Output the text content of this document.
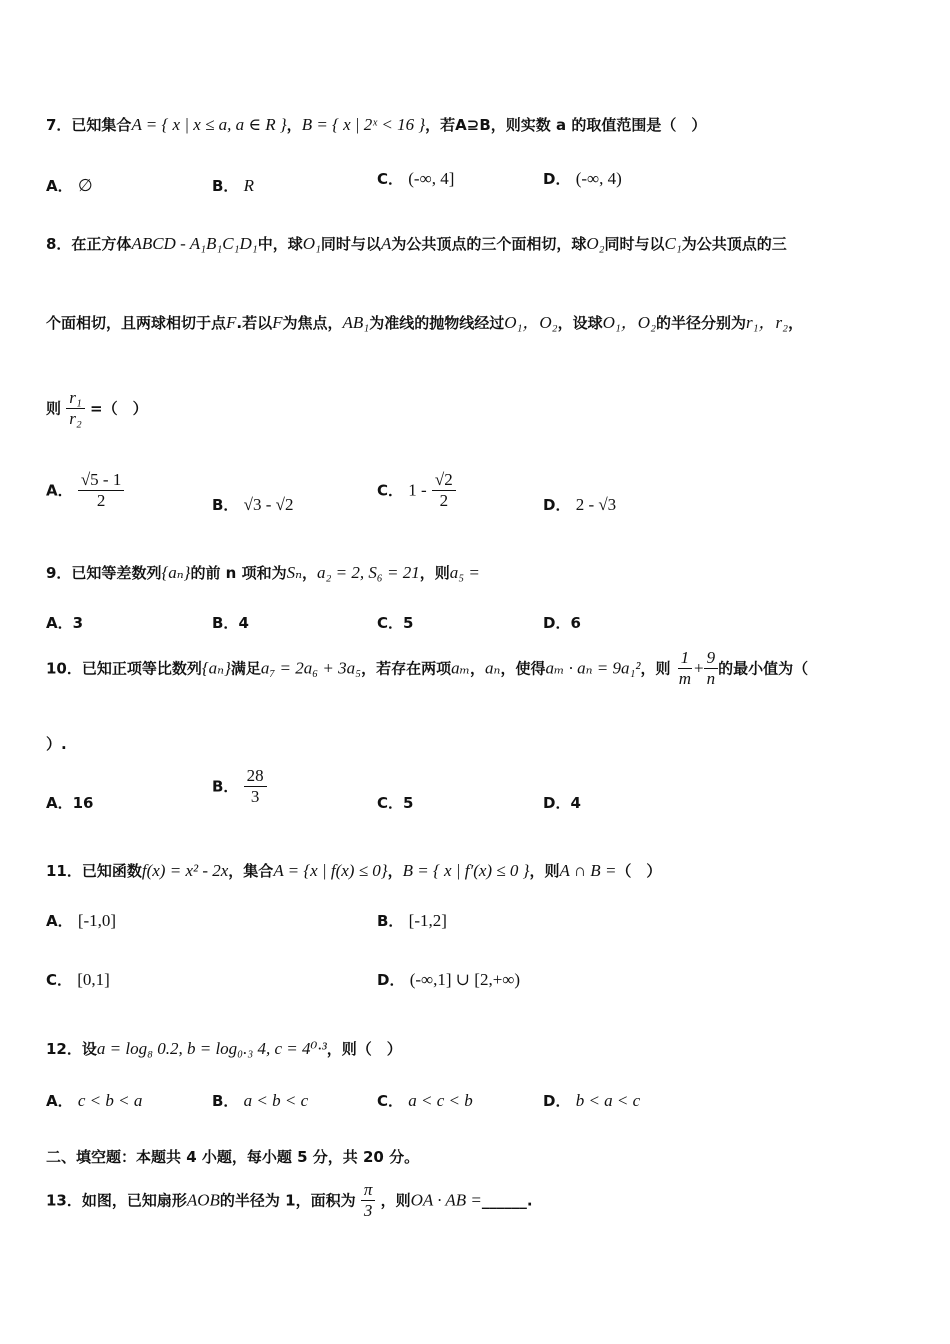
7．已知集合A = { x | x ≤ a, a ∈ R }，B = { x | 2ˣ < 16 }，若A⊇B，则实数 a 的取值范围是（　）
A． ∅	B． R	C． (-∞, 4]	D． (-∞, 4)
8．在正方体ABCD - A₁B₁C₁D₁中，球O₁同时与以A为公共顶点的三个面相切，球O₂同时与以C₁为公共顶点的三
个面相切，且两球相切于点F.若以F为焦点，AB₁为准线的抛物线经过O₁，O₂，设球O₁，O₂的半径分别为r₁，r₂，
则 $\frac{\text{r₁}}{\text{r₂}}$ =（　）
A． $\frac{√5 - 1}{2}$	B． √3 - √2
C． $1 - \frac{√2}{2}$	D． 2 - √3
9．已知等差数列{aₙ}的前 n 项和为Sₙ，a₂ = 2, S₆ = 21，则a₅ =
A．3	B．4	C．5	D．6
10．已知正项等比数列{aₙ}满足a₇ = 2a₆ + 3a₅，若存在两项aₘ，aₙ，使得aₘ · aₙ = 9a₁²，则 $\frac{1}{m} + \frac{9}{n}$ 的最小值为（
）.
A．16
B． $\frac{28}{3}$	C．5	D．4
11．已知函数f(x) = x² - 2x，集合A = {x | f(x) ≤ 0}，B = { x | f′(x) ≤ 0 }，则A ∩ B =（　）
A． [-1,0]	B． [-1,2]
C． [0,1]	D． (-∞,1] ∪ [2,+∞)
12．设a = log₈ 0.2, b = log₀.₃ 4, c = 4⁰·³，则（　）
A． c < b < a	B． a < b < c	C． a < c < b	D． b < a < c
二、填空题：本题共 4 小题，每小题 5 分，共 20 分。
13．如图，已知扇形AOB的半径为 1，面积为 $\frac{\pi}{3}$ ，则OA · AB =______.
